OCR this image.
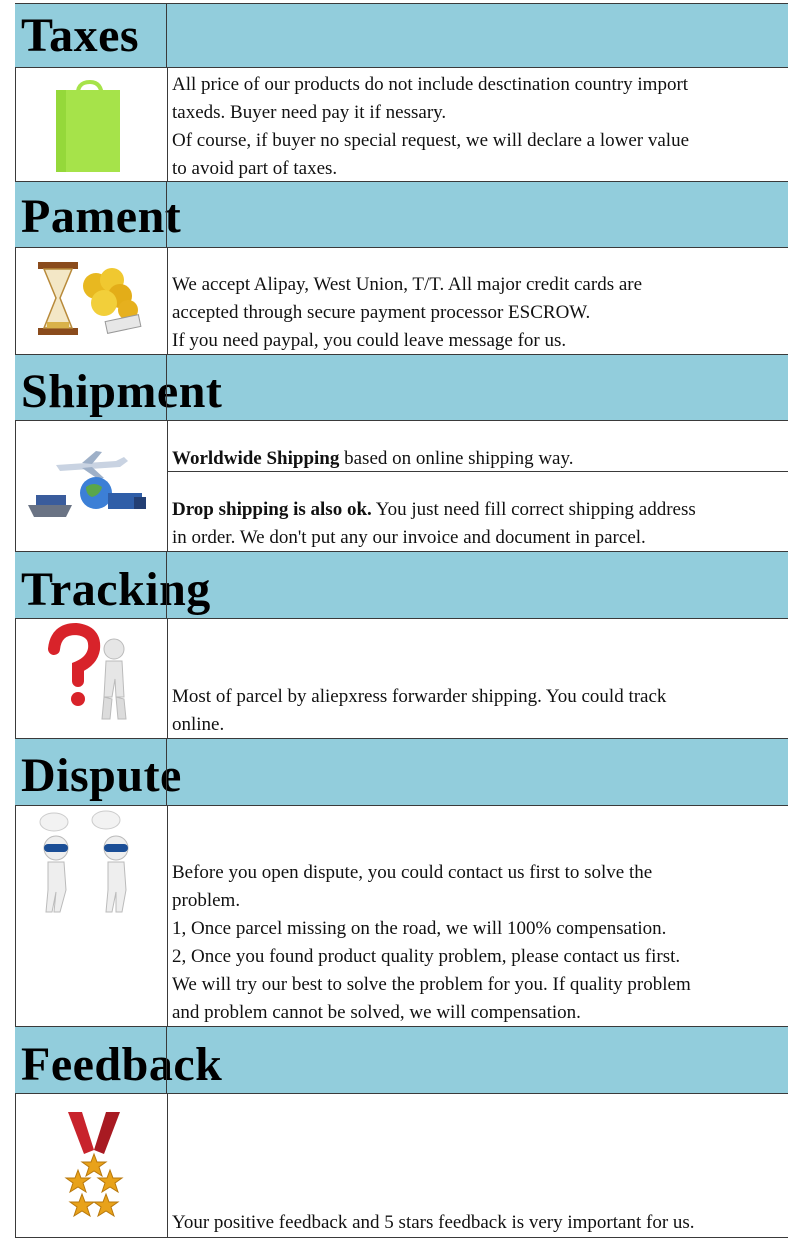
Taxes

All price of our products do not include desctination country import

taxeds. Buyer need pay it if nessary.

Of course, if buyer no special request, we will declare a lower value

to avoid part of taxes.

Pament

We accept Alipay, West Union, T/T. All major credit cards are

accepted through secure payment processor ESCROW.

If you need paypal, you could leave message for us.

Shipment

Worldwide Shipping based on online shipping way.

Drop shipping is also ok. You just need fill correct shipping address

in order. We don't put any our invoice and document in parcel.

Tracking

Most of parcel by aliepxress forwarder shipping. You could track

online.

Dispute

Before you open dispute, you could contact us first to solve the

problem.

1, Once parcel missing on the road, we will 100% compensation.

2, Once you found product quality problem, please contact us first.

We will try our best to solve the problem for you. If quality problem

and problem cannot be solved, we will compensation.

Feedback

Your positive feedback and 5 stars feedback is very important for us.
